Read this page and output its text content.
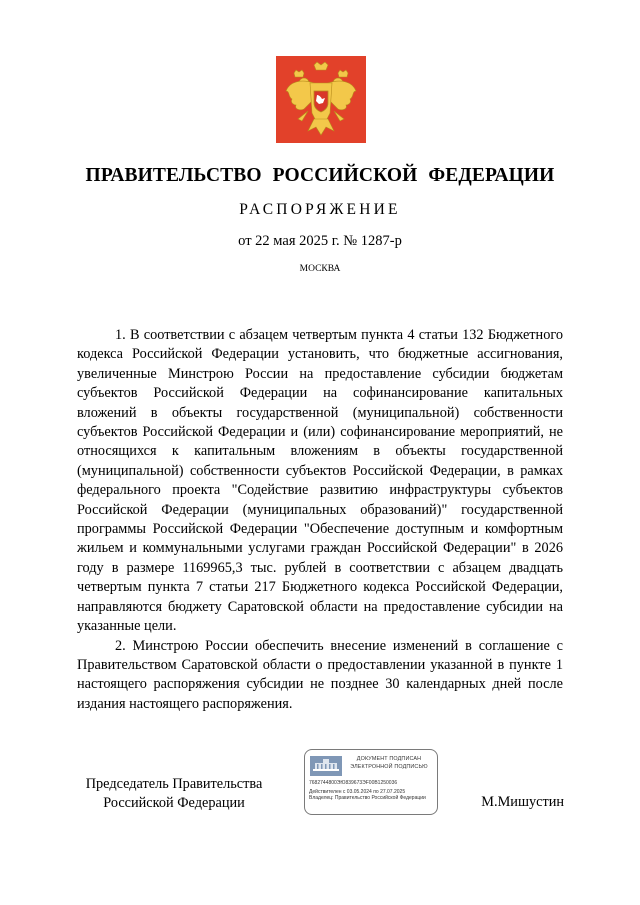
ПРАВИТЕЛЬСТВО РОССИЙСКОЙ ФЕДЕРАЦИИ
РАСПОРЯЖЕНИЕ
от 22 мая 2025 г. № 1287-р
МОСКВА

1. В соответствии с абзацем четвертым пункта 4 статьи 132 Бюджетного кодекса Российской Федерации установить, что бюджетные ассигнования, увеличенные Минстрою России на предоставление субсидии бюджетам субъектов Российской Федерации на софинансирование капитальных вложений в объекты государственной (муниципальной) собственности субъектов Российской Федерации и (или) софинансирование мероприятий, не относящихся к капитальным вложениям в объекты государственной (муниципальной) собственности субъектов Российской Федерации, в рамках федерального проекта "Содействие развитию инфраструктуры субъектов Российской Федерации (муниципальных образований)" государственной программы Российской Федерации "Обеспечение доступным и комфортным жильем и коммунальными услугами граждан Российской Федерации" в 2026 году в размере 1169965,3 тыс. рублей в соответствии с абзацем двадцать четвертым пункта 7 статьи 217 Бюджетного кодекса Российской Федерации, направляются бюджету Саратовской области на предоставление субсидии на указанные цели.

2. Минстрою России обеспечить внесение изменений в соглашение с Правительством Саратовской области о предоставлении указанной в пункте 1 настоящего распоряжения субсидии не позднее 30 календарных дней после издания настоящего распоряжения.

Председатель Правительства
Российской Федерации
ДОКУМЕНТ ПОДПИСАН
ЭЛЕКТРОННОЙ ПОДПИСЬЮ
7682744800ЭЮ839673ЭF00B1250036
Действителен с 03.05.2024 по 27.07.2025
Владелец: Правительство Российской Федерации	М.Мишустин
